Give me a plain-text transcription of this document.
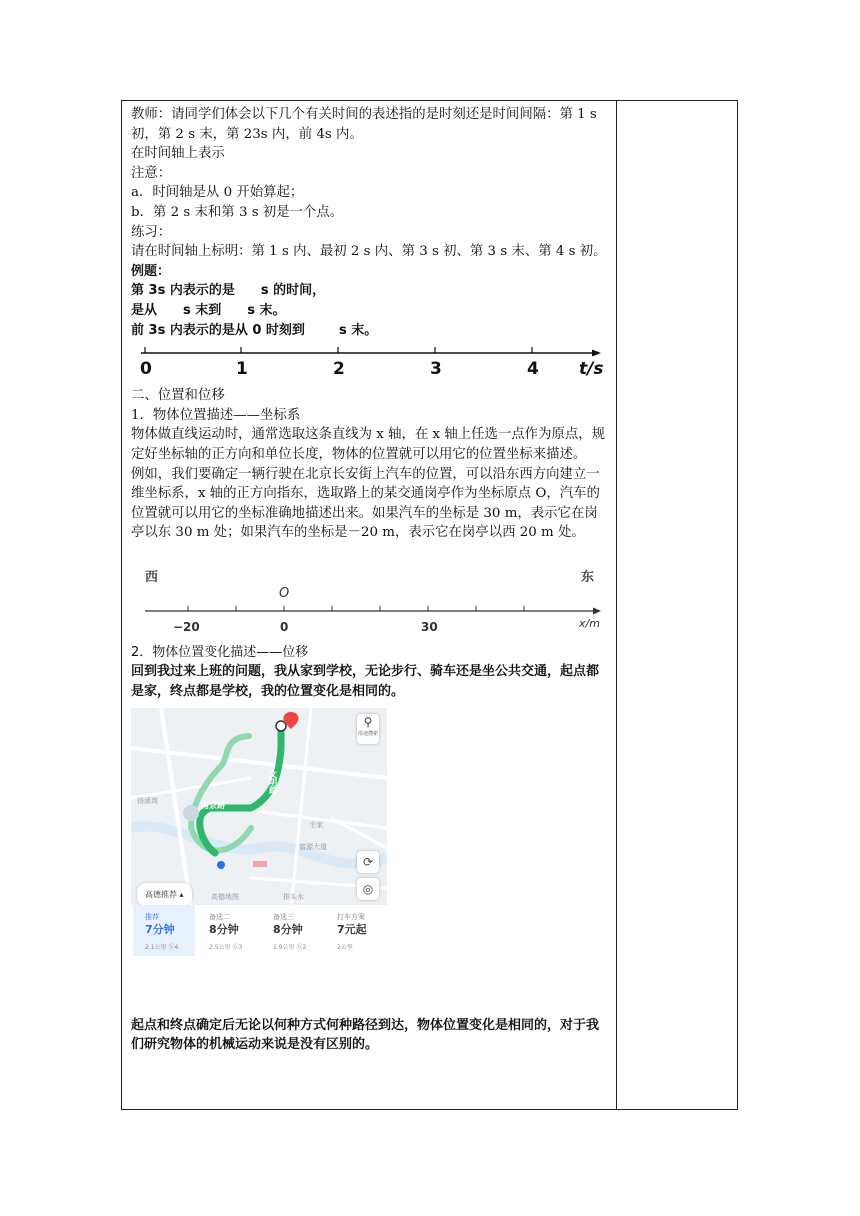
教师：请同学们体会以下几个有关时间的表述指的是时刻还是时间间隔：第 1 s 初，第 2 s 末，第 23s 内，前 4s 内。

在时间轴上表示

注意：

a．时间轴是从 0 开始算起；

b．第 2 s 末和第 3 s 初是一个点。

练习：

请在时间轴上标明：第 1 s 内、最初 2 s 内、第 3 s 初、第 3 s 末、第 4 s 初。

例题：

第 3s 内表示的是 s 的时间，

是从 s 末到 s 末。

前 3s 内表示的是从 0 时刻到	s 末。

0	1	2	3	4 t/s

二、位置和位移

1．物体位置描述——坐标系

物体做直线运动时，通常选取这条直线为 x 轴，在 x 轴上任选一点作为原点，规定好坐标轴的正方向和单位长度，物体的位置就可以用它的位置坐标来描述。

例如，我们要确定一辆行驶在北京长安街上汽车的位置，可以沿东西方向建立一维坐标系，x 轴的正方向指东，选取路上的某交通岗亭作为坐标原点 O，汽车的位置就可以用它的坐标准确地描述出来。如果汽车的坐标是 30 m，表示它在岗亭以东 30 m 处；如果汽车的坐标是－20 m，表示它在岗亭以西 20 m 处。

西	东
O
−20	0	30	x/m

2．物体位置变化描述——位移

回到我过来上班的问题，我从家到学校，无论步行、骑车还是坐公共交通，起点都是家，终点都是学校，我的位置变化是相同的。

文明路
南京路
扬溪湾
毛家
高德地图	排头水
富源大道
⚲
沿途搜索
⟳
◎
高德推荐 ▴
推荐
7分钟
2.1公里 ⓑ4
备选二
8分钟
2.5公里 ⓑ3
备选三
8分钟
1.9公里 ⓑ2
打车方案
7元起
2公里

起点和终点确定后无论以何种方式何种路径到达，物体位置变化是相同的，对于我们研究物体的机械运动来说是没有区别的。
